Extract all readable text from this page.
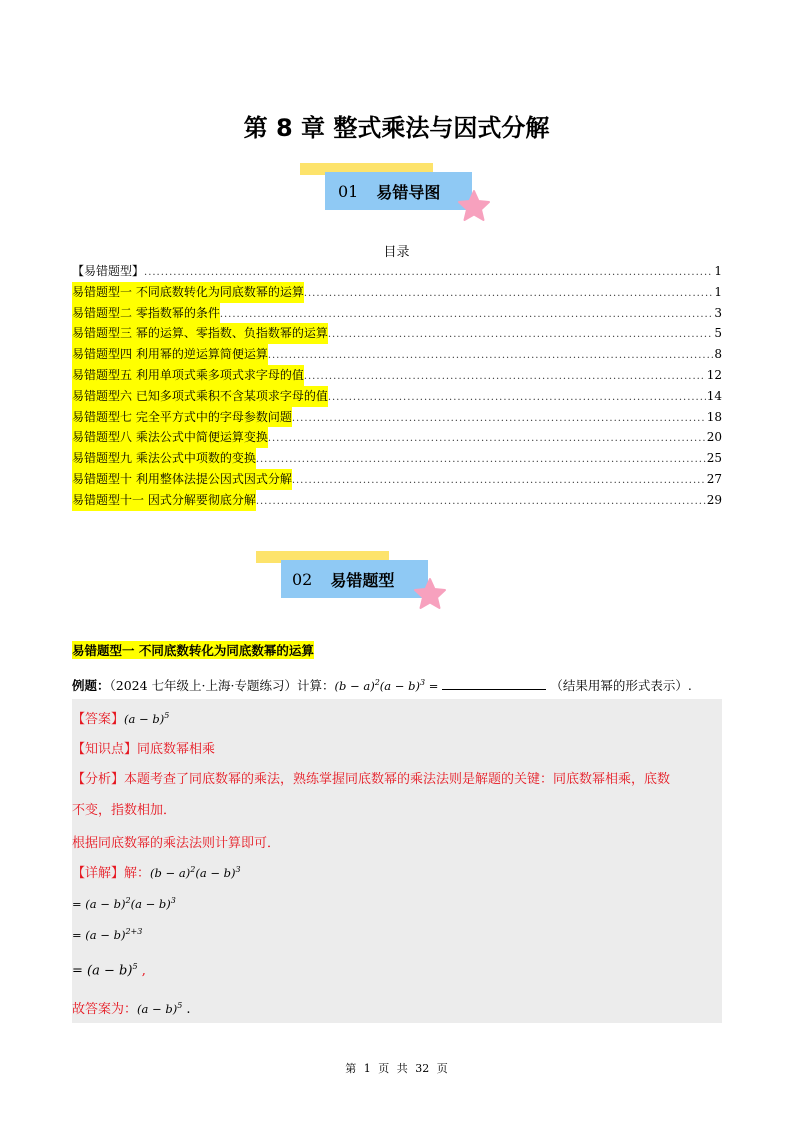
第 8 章 整式乘法与因式分解
01 易错导图
目录
【易错题型】 .....	1
易错题型一 不同底数转化为同底数幂的运算 .....	1
易错题型二 零指数幂的条件 .....	3
易错题型三 幂的运算、零指数、负指数幂的运算 .....	5
易错题型四 利用幂的逆运算简便运算 .....	8
易错题型五 利用单项式乘多项式求字母的值 .....	12
易错题型六 已知多项式乘积不含某项求字母的值 .....	14
易错题型七 完全平方式中的字母参数问题 .....	18
易错题型八 乘法公式中简便运算变换 .....	20
易错题型九 乘法公式中项数的变换 .....	25
易错题型十 利用整体法提公因式因式分解 .....	27
易错题型十一 因式分解要彻底分解 .....	29
02 易错题型
易错题型一 不同底数转化为同底数幂的运算
例题：（2024 七年级上·上海·专题练习）计算：$(b - a)^2(a - b)^3$ =	（结果用幂的形式表示）.
【答案】$(a - b)^5$
【知识点】同底数幂相乘
【分析】本题考查了同底数幂的乘法，熟练掌握同底数幂的乘法法则是解题的关键：同底数幂相乘，底数
不变，指数相加．
根据同底数幂的乘法法则计算即可．
【详解】解：$(b - a)^2(a - b)^3$
= $(a - b)^2(a - b)^3$
= $(a - b)^{2+3}$
= $(a - b)^5$ ,
故答案为：$(a - b)^5$ .
第 1 页 共 32 页
